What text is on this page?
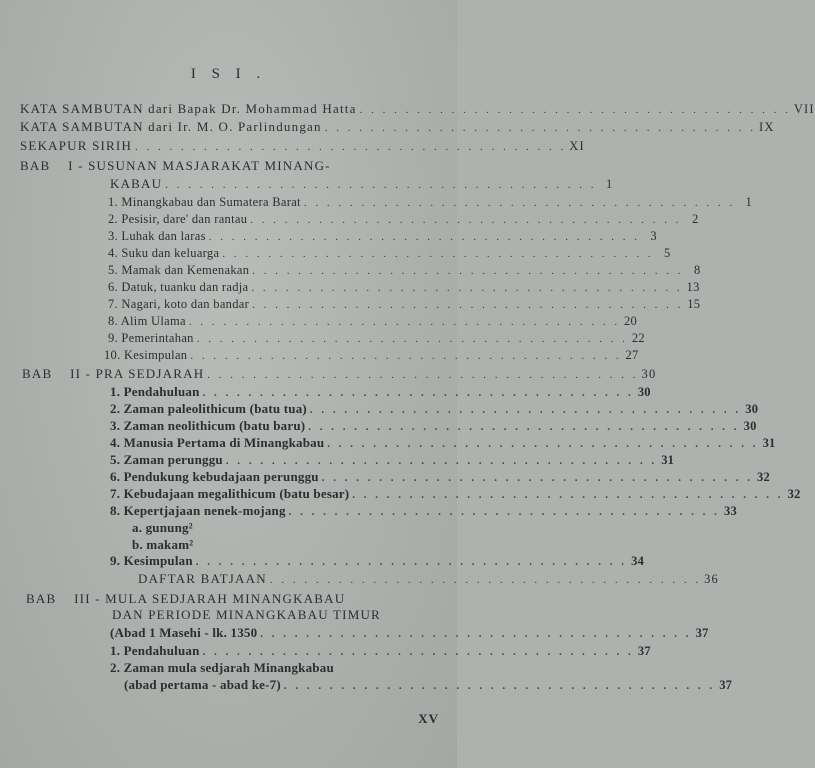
I S I .
KATA SAMBUTAN dari Bapak Dr. Mohammad Hatta . . . . . . . . . . . . . . . . . . . . . . . . . . . . . . . . . . . . . . VII
KATA SAMBUTAN dari Ir. M. O. Parlindungan . . . . . . . . . . . . . . . . . . . . . . . . . . . . . . . . . . . . . . IX
SEKAPUR SIRIH . . . . . . . . . . . . . . . . . . . . . . . . . . . . . . . . . . . . . . XI
BAB    I - SUSUNAN MASJARAKAT MINANG-
KABAU . . . . . . . . . . . . . . . . . . . . . . . . . . . . . . . . . . . . . . 1
1. Minangkabau dan Sumatera Barat . . . . . . . . . . . . . . . . . . . . . . . . . . . . . . . . . . . . . . 1
2. Pesisir, dare' dan rantau . . . . . . . . . . . . . . . . . . . . . . . . . . . . . . . . . . . . . . 2
3. Luhak dan laras . . . . . . . . . . . . . . . . . . . . . . . . . . . . . . . . . . . . . . 3
4. Suku dan keluarga . . . . . . . . . . . . . . . . . . . . . . . . . . . . . . . . . . . . . . 5
5. Mamak dan Kemenakan . . . . . . . . . . . . . . . . . . . . . . . . . . . . . . . . . . . . . . 8
6. Datuk, tuanku dan radja . . . . . . . . . . . . . . . . . . . . . . . . . . . . . . . . . . . . . . 13
7. Nagari, koto dan bandar . . . . . . . . . . . . . . . . . . . . . . . . . . . . . . . . . . . . . . 15
8. Alim Ulama . . . . . . . . . . . . . . . . . . . . . . . . . . . . . . . . . . . . . . 20
9. Pemerintahan . . . . . . . . . . . . . . . . . . . . . . . . . . . . . . . . . . . . . . 22
10. Kesimpulan . . . . . . . . . . . . . . . . . . . . . . . . . . . . . . . . . . . . . . 27
BAB    II - PRA SEDJARAH . . . . . . . . . . . . . . . . . . . . . . . . . . . . . . . . . . . . . . 30
1. Pendahuluan . . . . . . . . . . . . . . . . . . . . . . . . . . . . . . . . . . . . . . 30
2. Zaman paleolithicum (batu tua) . . . . . . . . . . . . . . . . . . . . . . . . . . . . . . . . . . . . . . 30
3. Zaman neolithicum (batu baru) . . . . . . . . . . . . . . . . . . . . . . . . . . . . . . . . . . . . . . 30
4. Manusia Pertama di Minangkabau . . . . . . . . . . . . . . . . . . . . . . . . . . . . . . . . . . . . . . 31
5. Zaman perunggu . . . . . . . . . . . . . . . . . . . . . . . . . . . . . . . . . . . . . . 31
6. Pendukung kebudajaan perunggu . . . . . . . . . . . . . . . . . . . . . . . . . . . . . . . . . . . . . . 32
7. Kebudajaan megalithicum (batu besar) . . . . . . . . . . . . . . . . . . . . . . . . . . . . . . . . . . . . . . 32
8. Kepertjajaan nenek-mojang . . . . . . . . . . . . . . . . . . . . . . . . . . . . . . . . . . . . . . 33
a. gunung²
b. makam²
9. Kesimpulan . . . . . . . . . . . . . . . . . . . . . . . . . . . . . . . . . . . . . . 34
DAFTAR BATJAAN . . . . . . . . . . . . . . . . . . . . . . . . . . . . . . . . . . . . . . 36
BAB    III - MULA SEDJARAH MINANGKABAU
DAN PERIODE MINANGKABAU TIMUR
(Abad 1 Masehi - lk. 1350 . . . . . . . . . . . . . . . . . . . . . . . . . . . . . . . . . . . . . . 37
1. Pendahuluan . . . . . . . . . . . . . . . . . . . . . . . . . . . . . . . . . . . . . . 37
2. Zaman mula sedjarah Minangkabau
(abad pertama - abad ke-7) . . . . . . . . . . . . . . . . . . . . . . . . . . . . . . . . . . . . . . 37
XV
